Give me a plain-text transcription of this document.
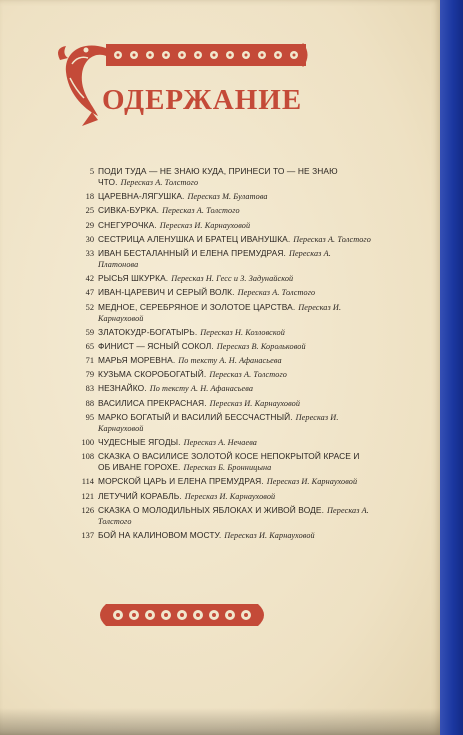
ОДЕРЖАНИЕ
5 ПОДИ ТУДА — НЕ ЗНАЮ КУДА, ПРИНЕСИ ТО — НЕ ЗНАЮ ЧТО. Пересказ А. Толстого
18 ЦАРЕВНА-ЛЯГУШКА. Пересказ М. Булатова
25 СИВКА-БУРКА. Пересказ А. Толстого
29 СНЕГУРОЧКА. Пересказ И. Карнауховой
30 СЕСТРИЦА АЛЕНУШКА И БРАТЕЦ ИВАНУШКА. Пересказ А. Толстого
33 ИВАН БЕСТАЛАННЫЙ И ЕЛЕНА ПРЕМУДРАЯ. Пересказ А. Платонова
42 РЫСЬЯ ШКУРКА. Пересказ Н. Гесс и З. Задунайской
47 ИВАН-ЦАРЕВИЧ И СЕРЫЙ ВОЛК. Пересказ А. Толстого
52 МЕДНОЕ, СЕРЕБРЯНОЕ И ЗОЛОТОЕ ЦАРСТВА. Пересказ И. Карнауховой
59 ЗЛАТОКУДР-БОГАТЫРЬ. Пересказ Н. Козловской
65 ФИНИСТ — ЯСНЫЙ СОКОЛ. Пересказ В. Корольковой
71 МАРЬЯ МОРЕВНА. По тексту А. Н. Афанасьева
79 КУЗЬМА СКОРОБОГАТЫЙ. Пересказ А. Толстого
83 НЕЗНАЙКО. По тексту А. Н. Афанасьева
88 ВАСИЛИСА ПРЕКРАСНАЯ. Пересказ И. Карнауховой
95 МАРКО БОГАТЫЙ И ВАСИЛИЙ БЕССЧАСТНЫЙ. Пересказ И. Карнауховой
100 ЧУДЕСНЫЕ ЯГОДЫ. Пересказ А. Нечаева
108 СКАЗКА О ВАСИЛИСЕ ЗОЛОТОЙ КОСЕ НЕПОКРЫТОЙ КРАСЕ И ОБ ИВАНЕ ГОРОХЕ. Пересказ Б. Бронницына
114 МОРСКОЙ ЦАРЬ И ЕЛЕНА ПРЕМУДРАЯ. Пересказ И. Карнауховой
121 ЛЕТУЧИЙ КОРАБЛЬ. Пересказ И. Карнауховой
126 СКАЗКА О МОЛОДИЛЬНЫХ ЯБЛОКАХ И ЖИВОЙ ВОДЕ. Пересказ А. Толстого
137 БОЙ НА КАЛИНОВОМ МОСТУ. Пересказ И. Карнауховой
